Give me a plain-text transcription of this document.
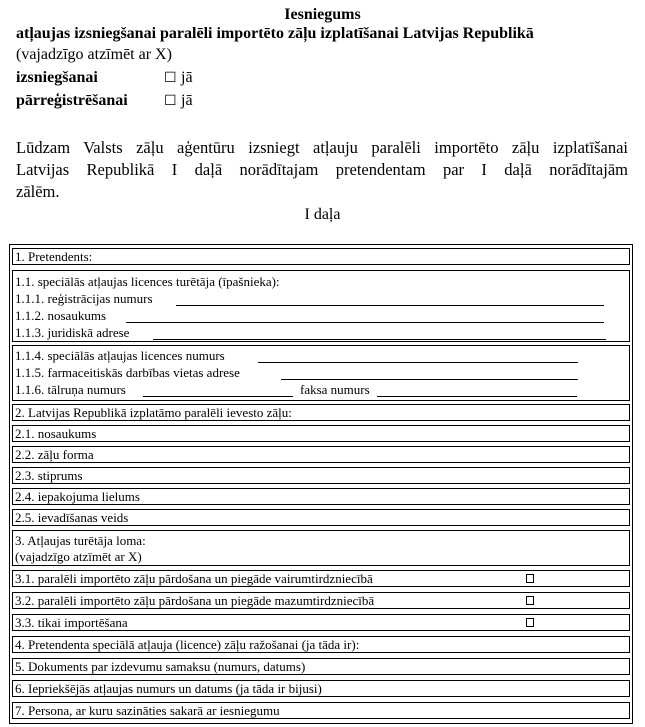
Iesniegums
atļaujas izsniegšanai paralēli importēto zāļu izplatīšanai Latvijas Republikā
(vajadzīgo atzīmēt ar X)
izsniegšanai	☐ jā
pārreģistrēšanai	☐ jā
Lūdzam Valsts zāļu aģentūru izsniegt atļauju paralēli importēto zāļu izplatīšanai
Latvijas Republikā I daļā norādītajam pretendentam par I daļā norādītajām
zālēm.
I daļa
1. Pretendents:
1.1. speciālās atļaujas licences turētāja (īpašnieka):
1.1.1. reģistrācijas numurs
1.1.2. nosaukums
1.1.3. juridiskā adrese
1.1.4. speciālās atļaujas licences numurs
1.1.5. farmaceitiskās darbības vietas adrese
1.1.6. tālruņa numurs	faksa numurs
2. Latvijas Republikā izplatāmo paralēli ievesto zāļu:
2.1. nosaukums
2.2. zāļu forma
2.3. stiprums
2.4. iepakojuma lielums
2.5. ievadīšanas veids
3. Atļaujas turētāja loma:
(vajadzīgo atzīmēt ar X)
3.1. paralēli importēto zāļu pārdošana un piegāde vairumtirdzniecībā
3.2. paralēli importēto zāļu pārdošana un piegāde mazumtirdzniecībā
3.3. tikai importēšana
4. Pretendenta speciālā atļauja (licence) zāļu ražošanai (ja tāda ir):
5. Dokuments par izdevumu samaksu (numurs, datums)
6. Iepriekšējās atļaujas numurs un datums (ja tāda ir bijusi)
7. Persona, ar kuru sazināties sakarā ar iesniegumu
